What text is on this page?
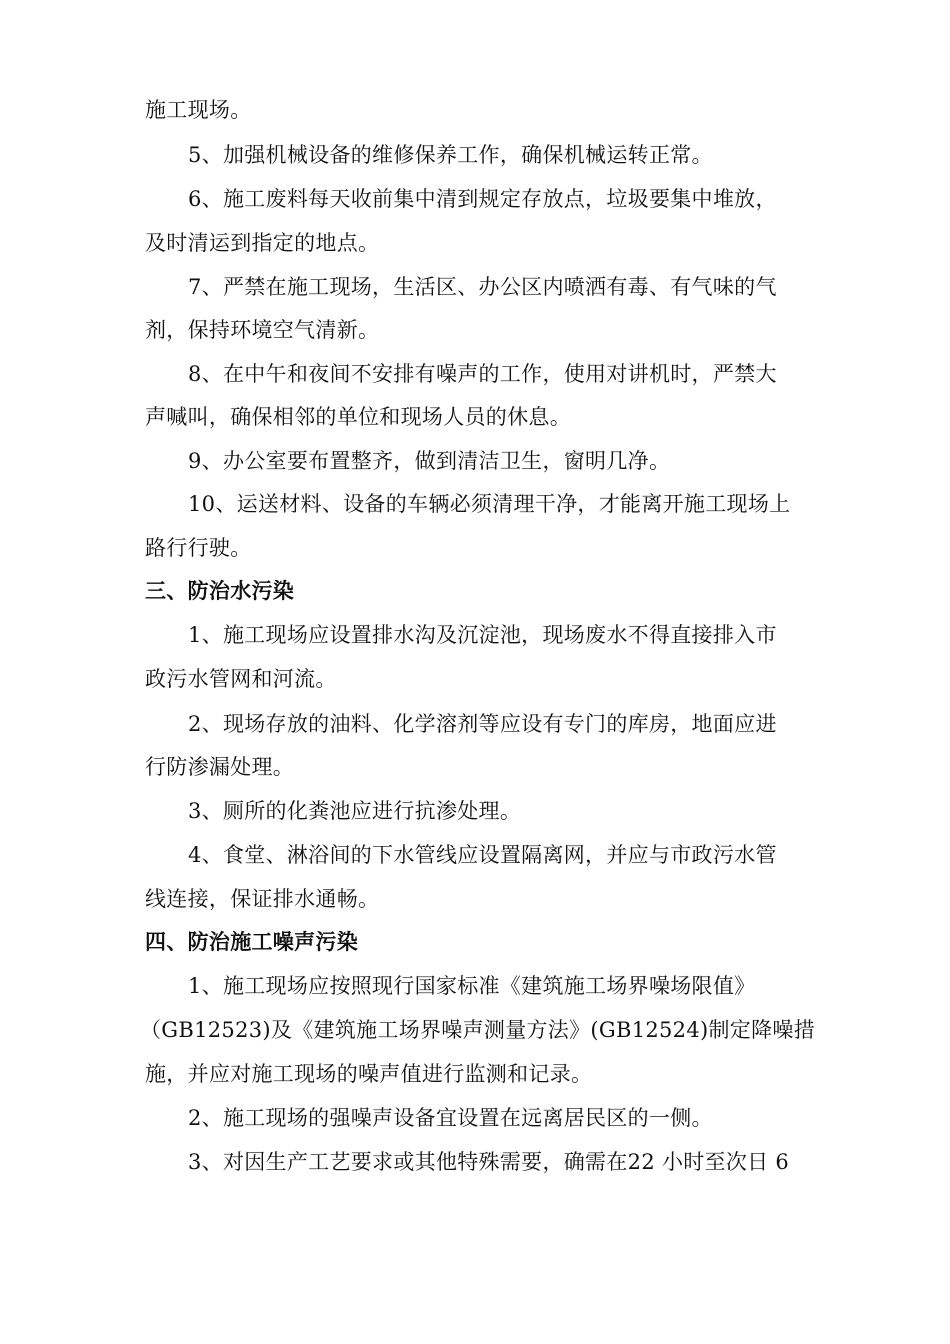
施工现场。
5、加强机械设备的维修保养工作，确保机械运转正常。
6、施工废料每天收前集中清到规定存放点，垃圾要集中堆放，
及时清运到指定的地点。
7、严禁在施工现场，生活区、办公区内喷洒有毒、有气味的气
剂，保持环境空气清新。
8、在中午和夜间不安排有噪声的工作，使用对讲机时，严禁大
声喊叫，确保相邻的单位和现场人员的休息。
9、办公室要布置整齐，做到清洁卫生，窗明几净。
10、运送材料、设备的车辆必须清理干净，才能离开施工现场上
路行行驶。
三、防治水污染
1、施工现场应设置排水沟及沉淀池，现场废水不得直接排入市
政污水管网和河流。
2、现场存放的油料、化学溶剂等应设有专门的库房，地面应进
行防渗漏处理。
3、厕所的化粪池应进行抗渗处理。
4、食堂、淋浴间的下水管线应设置隔离网，并应与市政污水管
线连接，保证排水通畅。
四、防治施工噪声污染
1、施工现场应按照现行国家标准《建筑施工场界噪场限值》
（GB12523)及《建筑施工场界噪声测量方法》(GB12524)制定降噪措
施，并应对施工现场的噪声值进行监测和记录。
2、施工现场的强噪声设备宜设置在远离居民区的一侧。
3、对因生产工艺要求或其他特殊需要，确需在22 小时至次日 6
